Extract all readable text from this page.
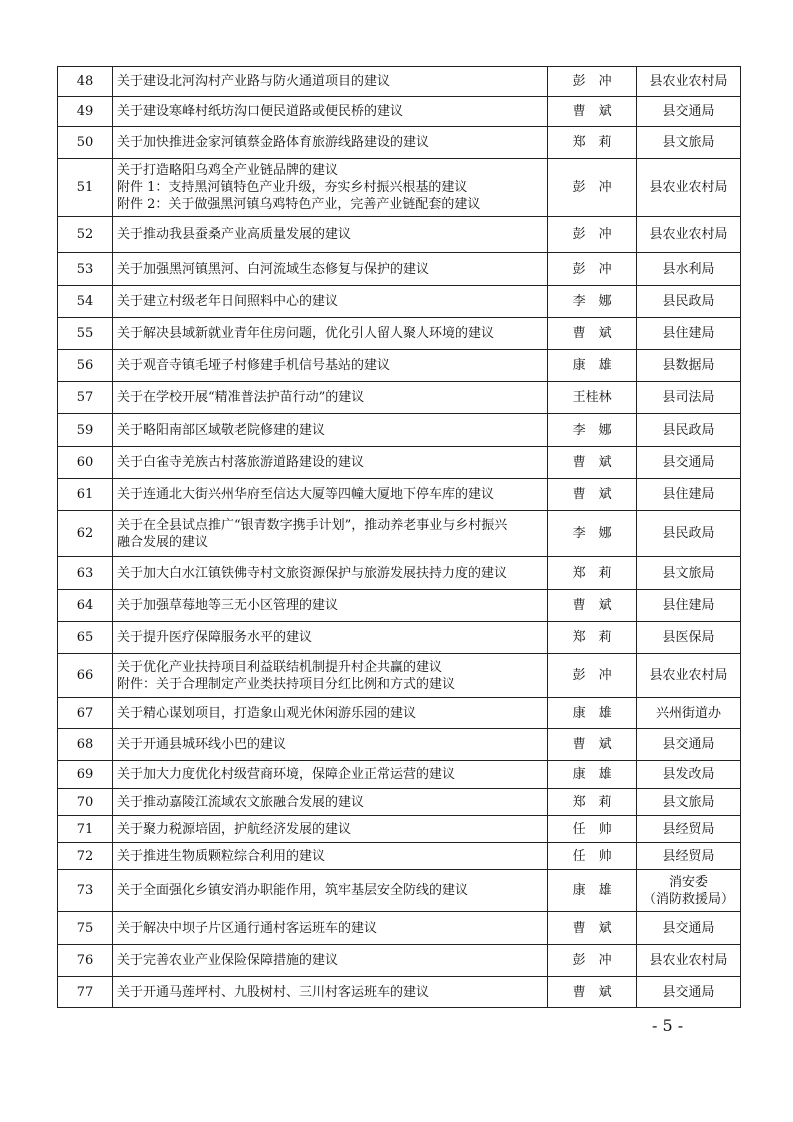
48	关于建设北河沟村产业路与防火通道项目的建议	彭　冲	县农业农村局

49	关于建设寒峰村纸坊沟口便民道路或便民桥的建议	曹　斌	县交通局

50	关于加快推进金家河镇蔡金路体育旅游线路建设的建议	郑　莉	县文旅局

51	关于打造略阳乌鸡全产业链品牌的建议
附件 1：支持黑河镇特色产业升级，夯实乡村振兴根基的建议
附件 2：关于做强黑河镇乌鸡特色产业，完善产业链配套的建议	彭　冲	县农业农村局

52	关于推动我县蚕桑产业高质量发展的建议	彭　冲	县农业农村局

53	关于加强黑河镇黑河、白河流域生态修复与保护的建议	彭　冲	县水利局

54	关于建立村级老年日间照料中心的建议	李　娜	县民政局

55	关于解决县域新就业青年住房问题，优化引人留人聚人环境的建议	曹　斌	县住建局

56	关于观音寺镇毛垭子村修建手机信号基站的建议	康　雄	县数据局

57	关于在学校开展“精准普法护苗行动”的建议	王桂林	县司法局

59	关于略阳南部区域敬老院修建的建议	李　娜	县民政局

60	关于白雀寺羌族古村落旅游道路建设的建议	曹　斌	县交通局

61	关于连通北大街兴州华府至信达大厦等四幢大厦地下停车库的建议	曹　斌	县住建局

62	关于在全县试点推广“银青数字携手计划”，推动养老事业与乡村振兴
融合发展的建议	李　娜	县民政局

63	关于加大白水江镇铁佛寺村文旅资源保护与旅游发展扶持力度的建议	郑　莉	县文旅局

64	关于加强草莓地等三无小区管理的建议	曹　斌	县住建局

65	关于提升医疗保障服务水平的建议	郑　莉	县医保局

66	关于优化产业扶持项目利益联结机制提升村企共赢的建议
附件：关于合理制定产业类扶持项目分红比例和方式的建议	彭　冲	县农业农村局

67	关于精心谋划项目，打造象山观光休闲游乐园的建议	康　雄	兴州街道办

68	关于开通县城环线小巴的建议	曹　斌	县交通局

69	关于加大力度优化村级营商环境，保障企业正常运营的建议	康　雄	县发改局

70	关于推动嘉陵江流域农文旅融合发展的建议	郑　莉	县文旅局

71	关于聚力税源培固，护航经济发展的建议	任　帅	县经贸局

72	关于推进生物质颗粒综合利用的建议	任　帅	县经贸局

73	关于全面强化乡镇安消办职能作用，筑牢基层安全防线的建议	康　雄	消安委
（消防救援局）

75	关于解决中坝子片区通行通村客运班车的建议	曹　斌	县交通局

76	关于完善农业产业保险保障措施的建议	彭　冲	县农业农村局

77	关于开通马莲坪村、九股树村、三川村客运班车的建议	曹　斌	县交通局
- 5 -
